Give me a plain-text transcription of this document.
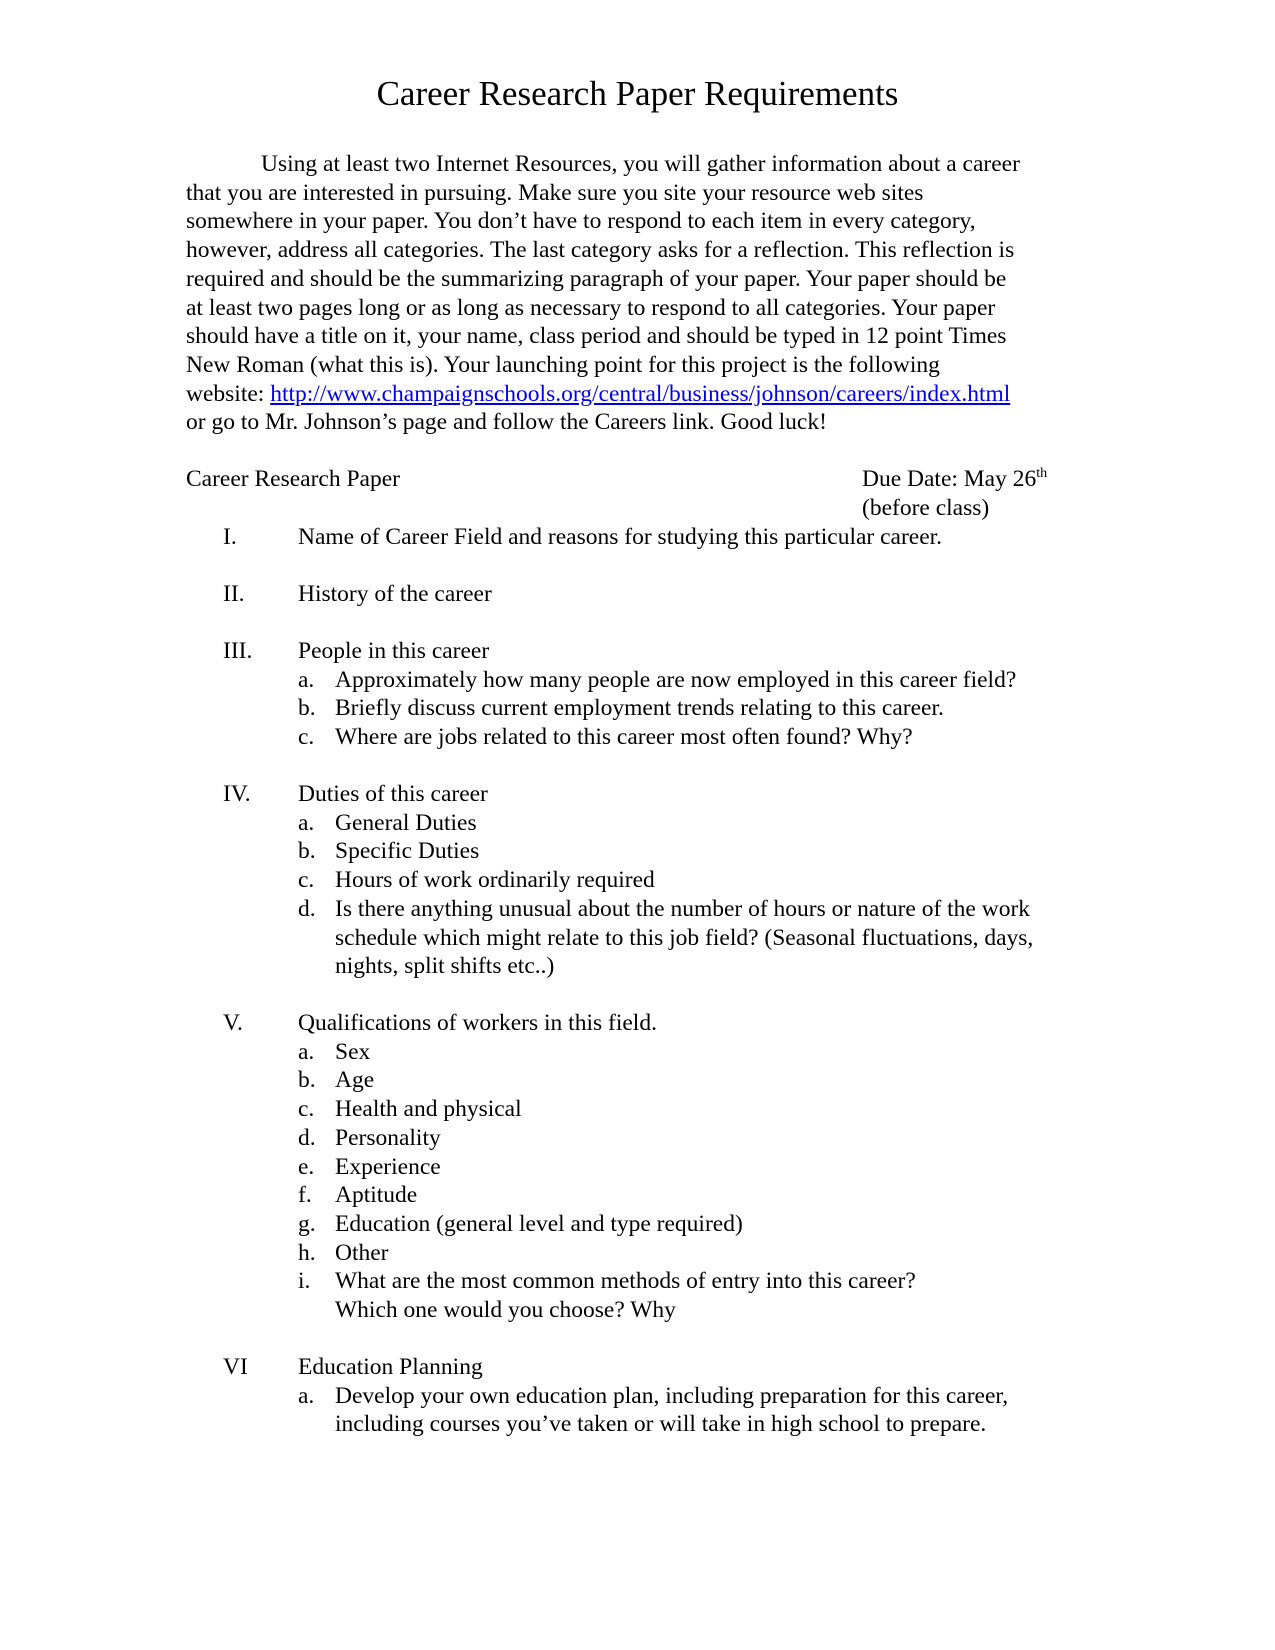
Career Research Paper Requirements

Using at least two Internet Resources, you will gather information about a career
that you are interested in pursuing. Make sure you site your resource web sites
somewhere in your paper. You don’t have to respond to each item in every category,
however, address all categories. The last category asks for a reflection. This reflection is
required and should be the summarizing paragraph of your paper. Your paper should be
at least two pages long or as long as necessary to respond to all categories. Your paper
should have a title on it, your name, class period and should be typed in 12 point Times
New Roman (what this is). Your launching point for this project is the following
website: http://www.champaignschools.org/central/business/johnson/careers/index.html
or go to Mr. Johnson’s page and follow the Careers link. Good luck!

Career Research Paper	Due Date: May 26th
(before class)
I.	Name of Career Field and reasons for studying this particular career.
II. History of the career
III. People in this career
a. Approximately how many people are now employed in this career field?
b. Briefly discuss current employment trends relating to this career.
c. Where are jobs related to this career most often found? Why?
IV. Duties of this career
a. General Duties
b. Specific Duties
c. Hours of work ordinarily required
d. Is there anything unusual about the number of hours or nature of the work
schedule which might relate to this job field? (Seasonal fluctuations, days,
nights, split shifts etc..)
V. Qualifications of workers in this field.
a. Sex
b. Age
c. Health and physical
d. Personality
e. Experience
f. Aptitude
g. Education (general level and type required)
h. Other
i. What are the most common methods of entry into this career?
Which one would you choose? Why
VI Education Planning
a. Develop your own education plan, including preparation for this career,
including courses you’ve taken or will take in high school to prepare.
